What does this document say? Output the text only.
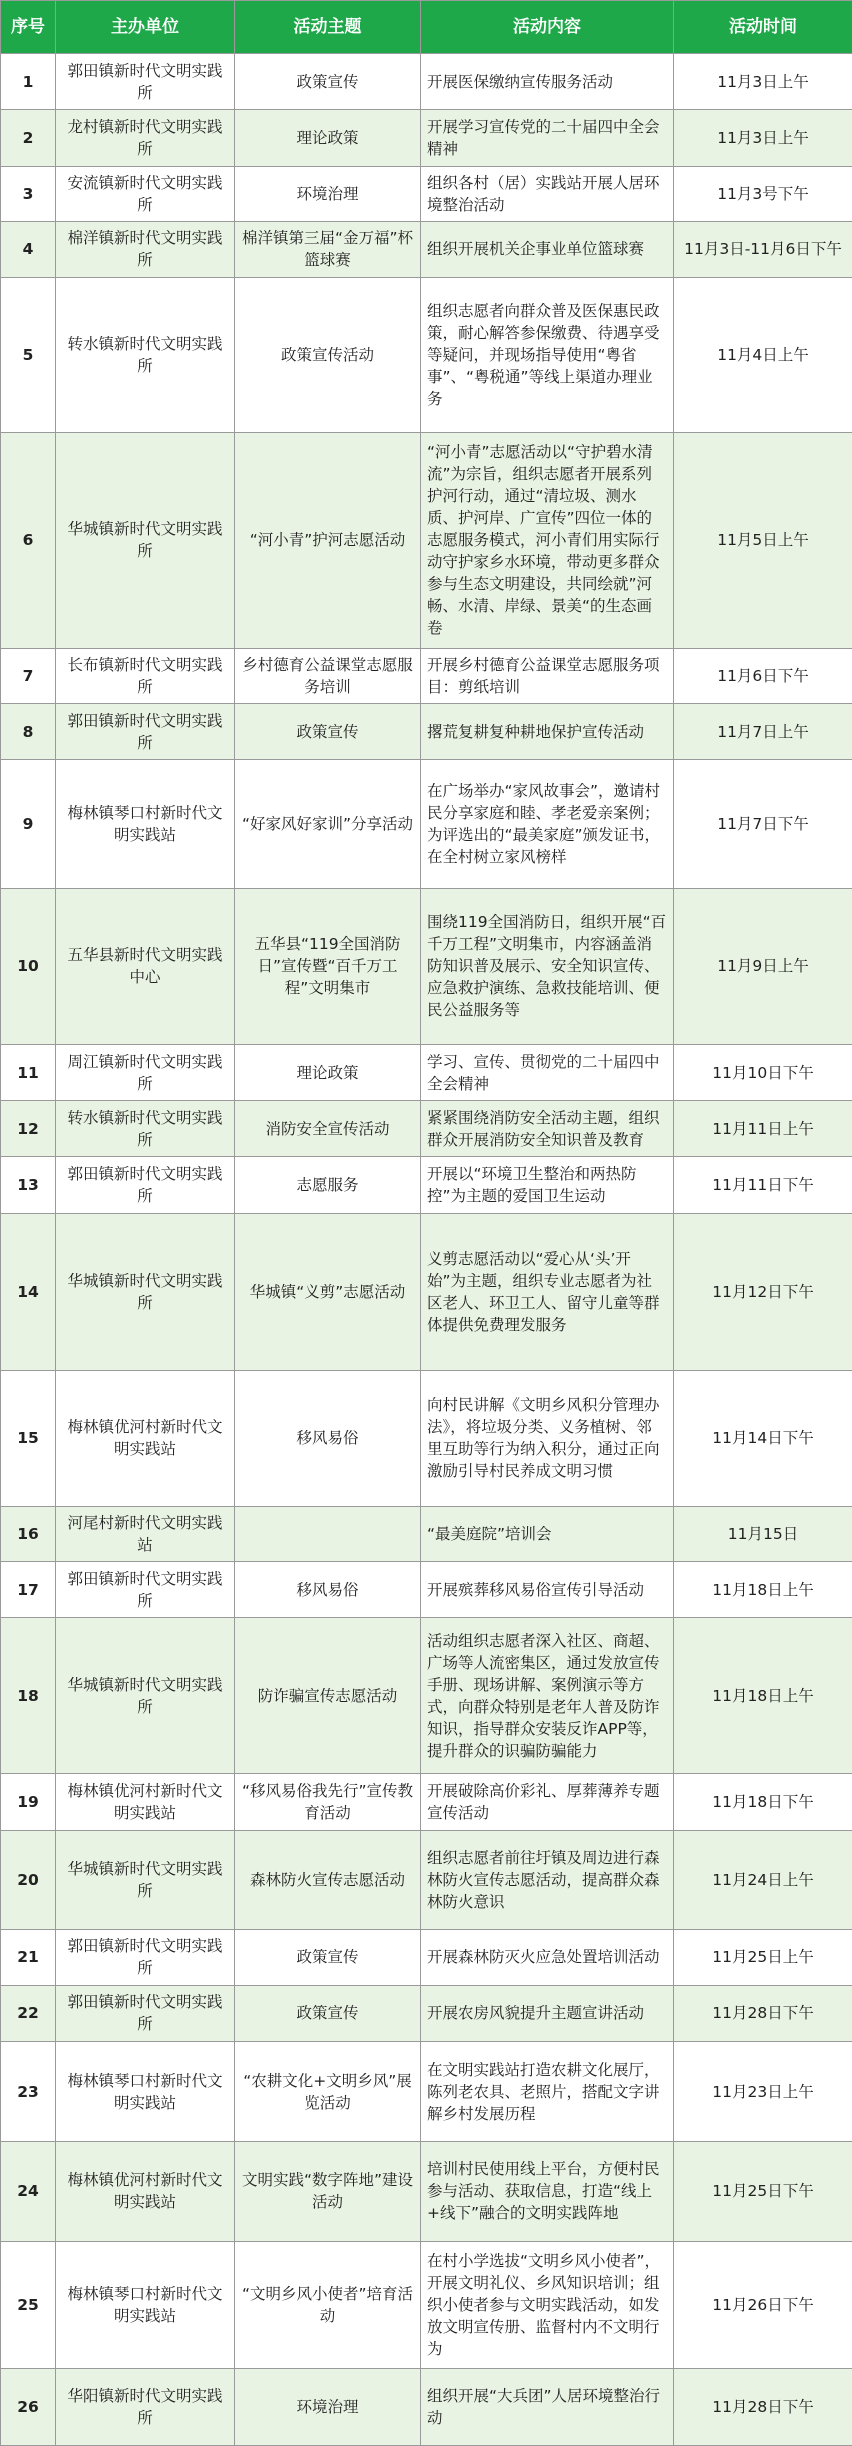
序号	主办单位	活动主题	活动内容	活动时间
1	郭田镇新时代文明实践所	政策宣传	开展医保缴纳宣传服务活动	11月3日上午
2	龙村镇新时代文明实践所	理论政策	开展学习宣传党的二十届四中全会精神	11月3日上午
3	安流镇新时代文明实践所	环境治理	组织各村（居）实践站开展人居环境整治活动	11月3号下午
4	棉洋镇新时代文明实践所	棉洋镇第三届“金万福”杯篮球赛	组织开展机关企事业单位篮球赛	11月3日-11月6日下午
5	转水镇新时代文明实践所	政策宣传活动	组织志愿者向群众普及医保惠民政策，耐心解答参保缴费、待遇享受等疑问，并现场指导使用“粤省事”、“粤税通”等线上渠道办理业务	11月4日上午
6	华城镇新时代文明实践所	“河小青”护河志愿活动	“河小青”志愿活动以“守护碧水清流”为宗旨，组织志愿者开展系列护河行动，通过“清垃圾、测水质、护河岸、广宣传”四位一体的志愿服务模式，河小青们用实际行动守护家乡水环境，带动更多群众参与生态文明建设，共同绘就”河畅、水清、岸绿、景美“的生态画卷	11月5日上午
7	长布镇新时代文明实践所	乡村德育公益课堂志愿服务培训	开展乡村德育公益课堂志愿服务项目：剪纸培训	11月6日下午
8	郭田镇新时代文明实践所	政策宣传	撂荒复耕复种耕地保护宣传活动	11月7日上午
9	梅林镇琴口村新时代文明实践站	“好家风好家训”分享活动	在广场举办“家风故事会”，邀请村民分享家庭和睦、孝老爱亲案例；为评选出的“最美家庭”颁发证书，在全村树立家风榜样	11月7日下午
10	五华县新时代文明实践中心	五华县“119全国消防日”宣传暨“百千万工程”文明集市	围绕119全国消防日，组织开展“百千万工程”文明集市，内容涵盖消防知识普及展示、安全知识宣传、应急救护演练、急救技能培训、便民公益服务等	11月9日上午
11	周江镇新时代文明实践所	理论政策	学习、宣传、贯彻党的二十届四中全会精神	11月10日下午
12	转水镇新时代文明实践所	消防安全宣传活动	紧紧围绕消防安全活动主题，组织群众开展消防安全知识普及教育	11月11日上午
13	郭田镇新时代文明实践所	志愿服务	开展以“环境卫生整治和两热防控”为主题的爱国卫生运动	11月11日下午
14	华城镇新时代文明实践所	华城镇“义剪”志愿活动	义剪志愿活动以“爱心从‘头’开始”为主题，组织专业志愿者为社区老人、环卫工人、留守儿童等群体提供免费理发服务	11月12日下午
15	梅林镇优河村新时代文明实践站	移风易俗	向村民讲解《文明乡风积分管理办法》，将垃圾分类、义务植树、邻里互助等行为纳入积分，通过正向激励引导村民养成文明习惯	11月14日下午
16	河尾村新时代文明实践站		“最美庭院”培训会	11月15日
17	郭田镇新时代文明实践所	移风易俗	开展殡葬移风易俗宣传引导活动	11月18日上午
18	华城镇新时代文明实践所	防诈骗宣传志愿活动	活动组织志愿者深入社区、商超、广场等人流密集区，通过发放宣传手册、现场讲解、案例演示等方式，向群众特别是老年人普及防诈知识，指导群众安装反诈APP等，提升群众的识骗防骗能力	11月18日上午
19	梅林镇优河村新时代文明实践站	“移风易俗我先行”宣传教育活动	开展破除高价彩礼、厚葬薄养专题宣传活动	11月18日下午
20	华城镇新时代文明实践所	森林防火宣传志愿活动	组织志愿者前往圩镇及周边进行森林防火宣传志愿活动，提高群众森林防火意识	11月24日上午
21	郭田镇新时代文明实践所	政策宣传	开展森林防灭火应急处置培训活动	11月25日上午
22	郭田镇新时代文明实践所	政策宣传	开展农房风貌提升主题宣讲活动	11月28日下午
23	梅林镇琴口村新时代文明实践站	“农耕文化+文明乡风”展览活动	在文明实践站打造农耕文化展厅，陈列老农具、老照片，搭配文字讲解乡村发展历程	11月23日上午
24	梅林镇优河村新时代文明实践站	文明实践“数字阵地”建设活动	培训村民使用线上平台，方便村民参与活动、获取信息，打造“线上+线下”融合的文明实践阵地	11月25日下午
25	梅林镇琴口村新时代文明实践站	“文明乡风小使者”培育活动	在村小学选拔“文明乡风小使者”，开展文明礼仪、乡风知识培训；组织小使者参与文明实践活动，如发放文明宣传册、监督村内不文明行为	11月26日下午
26	华阳镇新时代文明实践所	环境治理	组织开展“大兵团”人居环境整治行动	11月28日下午
